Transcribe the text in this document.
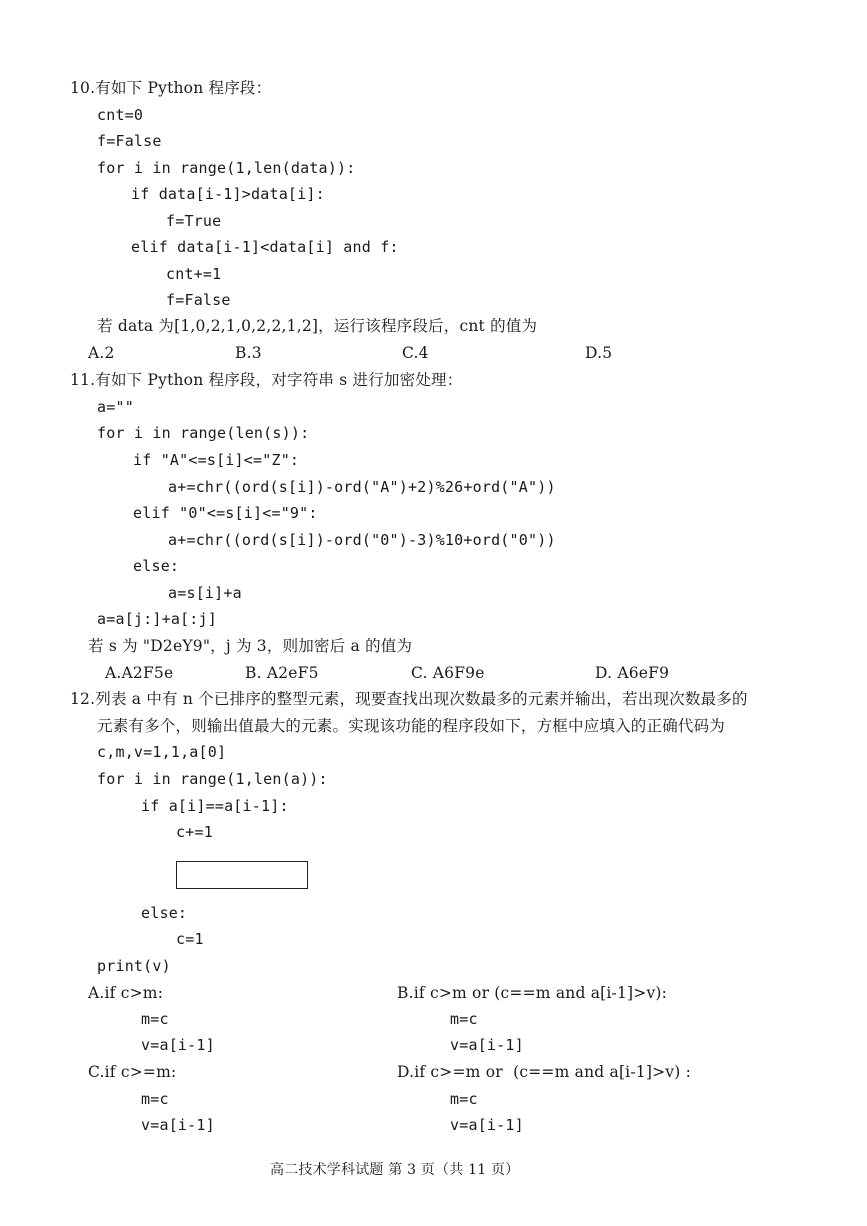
10.有如下 Python 程序段：
cnt=0
f=False
for i in range(1,len(data)):
if data[i-1]>data[i]:
f=True
elif data[i-1]<data[i] and f:
cnt+=1
f=False
若 data 为[1,0,2,1,0,2,2,1,2]，运行该程序段后，cnt 的值为
A.2	B.3	C.4	D.5
11.有如下 Python 程序段，对字符串 s 进行加密处理：
a=""
for i in range(len(s)):
if "A"<=s[i]<="Z":
a+=chr((ord(s[i])-ord("A")+2)%26+ord("A"))
elif "0"<=s[i]<="9":
a+=chr((ord(s[i])-ord("0")-3)%10+ord("0"))
else:
a=s[i]+a
a=a[j:]+a[:j]
若 s 为 "D2eY9"，j 为 3，则加密后 a 的值为
A.A2F5e	B. A2eF5	C. A6F9e	D. A6eF9
12.列表 a 中有 n 个已排序的整型元素，现要查找出现次数最多的元素并输出，若出现次数最多的
元素有多个，则输出值最大的元素。实现该功能的程序段如下，方框中应填入的正确代码为
c,m,v=1,1,a[0]
for i in range(1,len(a)):
if a[i]==a[i-1]:
c+=1
else:
c=1
print(v)
A.if c>m:
m=c
v=a[i-1]
B.if c>m or (c==m and a[i-1]>v):
m=c
v=a[i-1]
C.if c>=m:
m=c
v=a[i-1]
D.if c>=m or  (c==m and a[i-1]>v) :
m=c
v=a[i-1]
高二技术学科试题 第 3 页（共 11 页）
